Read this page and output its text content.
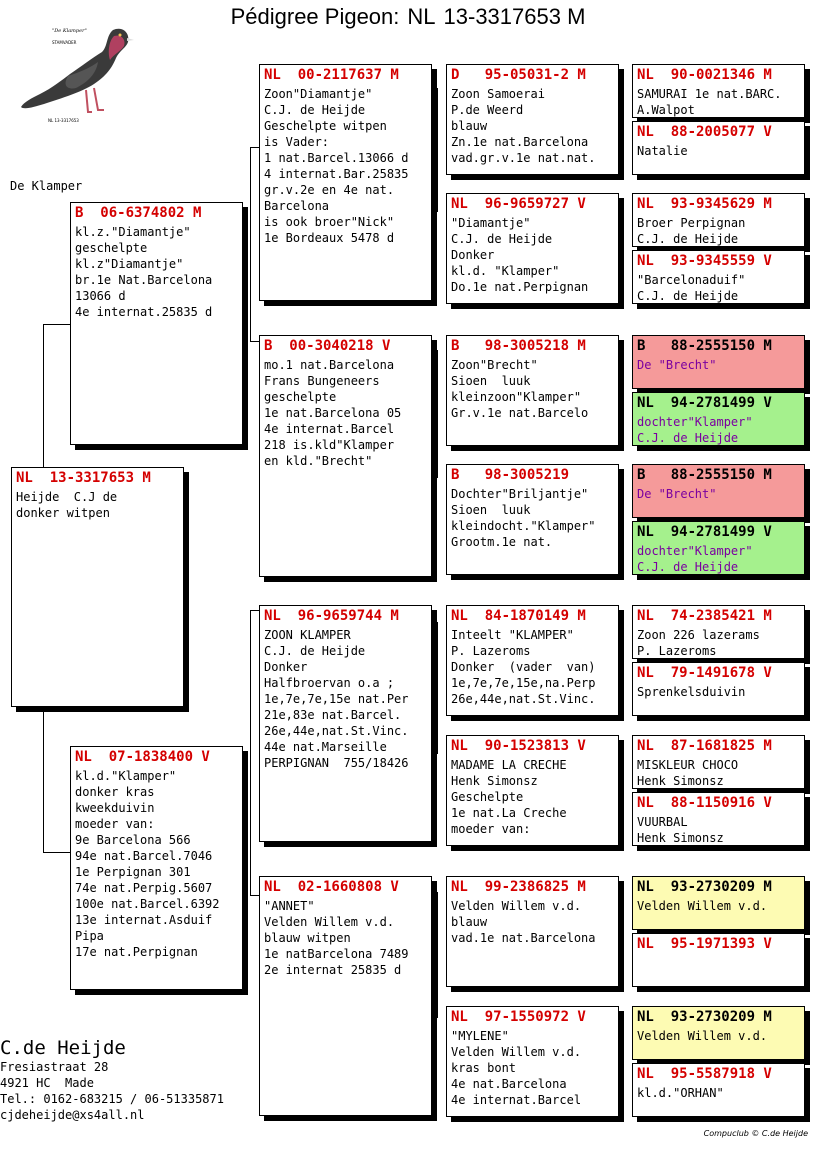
Pédigree Pigeon: NL 13-3317653 M
"De Klamper"
STAMVADER
NL 13-3317653
De Klamper
NL  13-3317653 M
Heijde  C.J de
donker witpen
B  06-6374802 M
kl.z."Diamantje"
geschelpte
kl.z"Diamantje"
br.1e Nat.Barcelona
13066 d
4e internat.25835 d
NL  07-1838400 V
kl.d."Klamper"
donker kras
kweekduivin
moeder van:
9e Barcelona 566
94e nat.Barcel.7046
1e Perpignan 301
74e nat.Perpig.5607
100e nat.Barcel.6392
13e internat.Asduif
Pipa
17e nat.Perpignan
NL  00-2117637 M
Zoon"Diamantje"
C.J. de Heijde
Geschelpte witpen
is Vader:
1 nat.Barcel.13066 d
4 internat.Bar.25835
gr.v.2e en 4e nat.
Barcelona
is ook broer"Nick"
1e Bordeaux 5478 d
B  00-3040218 V
mo.1 nat.Barcelona
Frans Bungeneers
geschelpte
1e nat.Barcelona 05
4e internat.Barcel
218 is.kld"Klamper
en kld."Brecht"
NL  96-9659744 M
ZOON KLAMPER
C.J. de Heijde
Donker
Halfbroervan o.a ;
1e,7e,7e,15e nat.Per
21e,83e nat.Barcel.
26e,44e,nat.St.Vinc.
44e nat.Marseille
PERPIGNAN  755/18426
NL  02-1660808 V
"ANNET"
Velden Willem v.d.
blauw witpen
1e natBarcelona 7489
2e internat 25835 d
D   95-05031-2 M
Zoon Samoerai
P.de Weerd
blauw
Zn.1e nat.Barcelona
vad.gr.v.1e nat.nat.
NL  96-9659727 V
"Diamantje"
C.J. de Heijde
Donker
kl.d. "Klamper"
Do.1e nat.Perpignan
B   98-3005218 M
Zoon"Brecht"
Sioen  luuk
kleinzoon"Klamper"
Gr.v.1e nat.Barcelo
B   98-3005219
Dochter"Briljantje"
Sioen  luuk
kleindocht."Klamper"
Grootm.1e nat.
NL  84-1870149 M
Inteelt "KLAMPER"
P. Lazeroms
Donker  (vader  van)
1e,7e,7e,15e,na.Perp
26e,44e,nat.St.Vinc.
NL  90-1523813 V
MADAME LA CRECHE
Henk Simonsz
Geschelpte
1e nat.La Creche
moeder van:
NL  99-2386825 M
Velden Willem v.d.
blauw
vad.1e nat.Barcelona
NL  97-1550972 V
"MYLENE"
Velden Willem v.d.
kras bont
4e nat.Barcelona
4e internat.Barcel
NL  90-0021346 M
SAMURAI 1e nat.BARC.
A.Walpot
NL  88-2005077 V
Natalie
NL  93-9345629 M
Broer Perpignan
C.J. de Heijde
NL  93-9345559 V
"Barcelonaduif"
C.J. de Heijde
B   88-2555150 M
De "Brecht"
NL  94-2781499 V
dochter"Klamper"
C.J. de Heijde
B   88-2555150 M
De "Brecht"
NL  94-2781499 V
dochter"Klamper"
C.J. de Heijde
NL  74-2385421 M
Zoon 226 lazerams
P. Lazeroms
NL  79-1491678 V
Sprenkelsduivin
NL  87-1681825 M
MISKLEUR CHOCO
Henk Simonsz
NL  88-1150916 V
VUURBAL
Henk Simonsz
NL  93-2730209 M
Velden Willem v.d.
NL  95-1971393 V
NL  93-2730209 M
Velden Willem v.d.
NL  95-5587918 V
kl.d."ORHAN"
C.de Heijde
Fresiastraat 28
4921 HC  Made
Tel.: 0162-683215 / 06-51335871
cjdeheijde@xs4all.nl
Compuclub © C.de Heijde
